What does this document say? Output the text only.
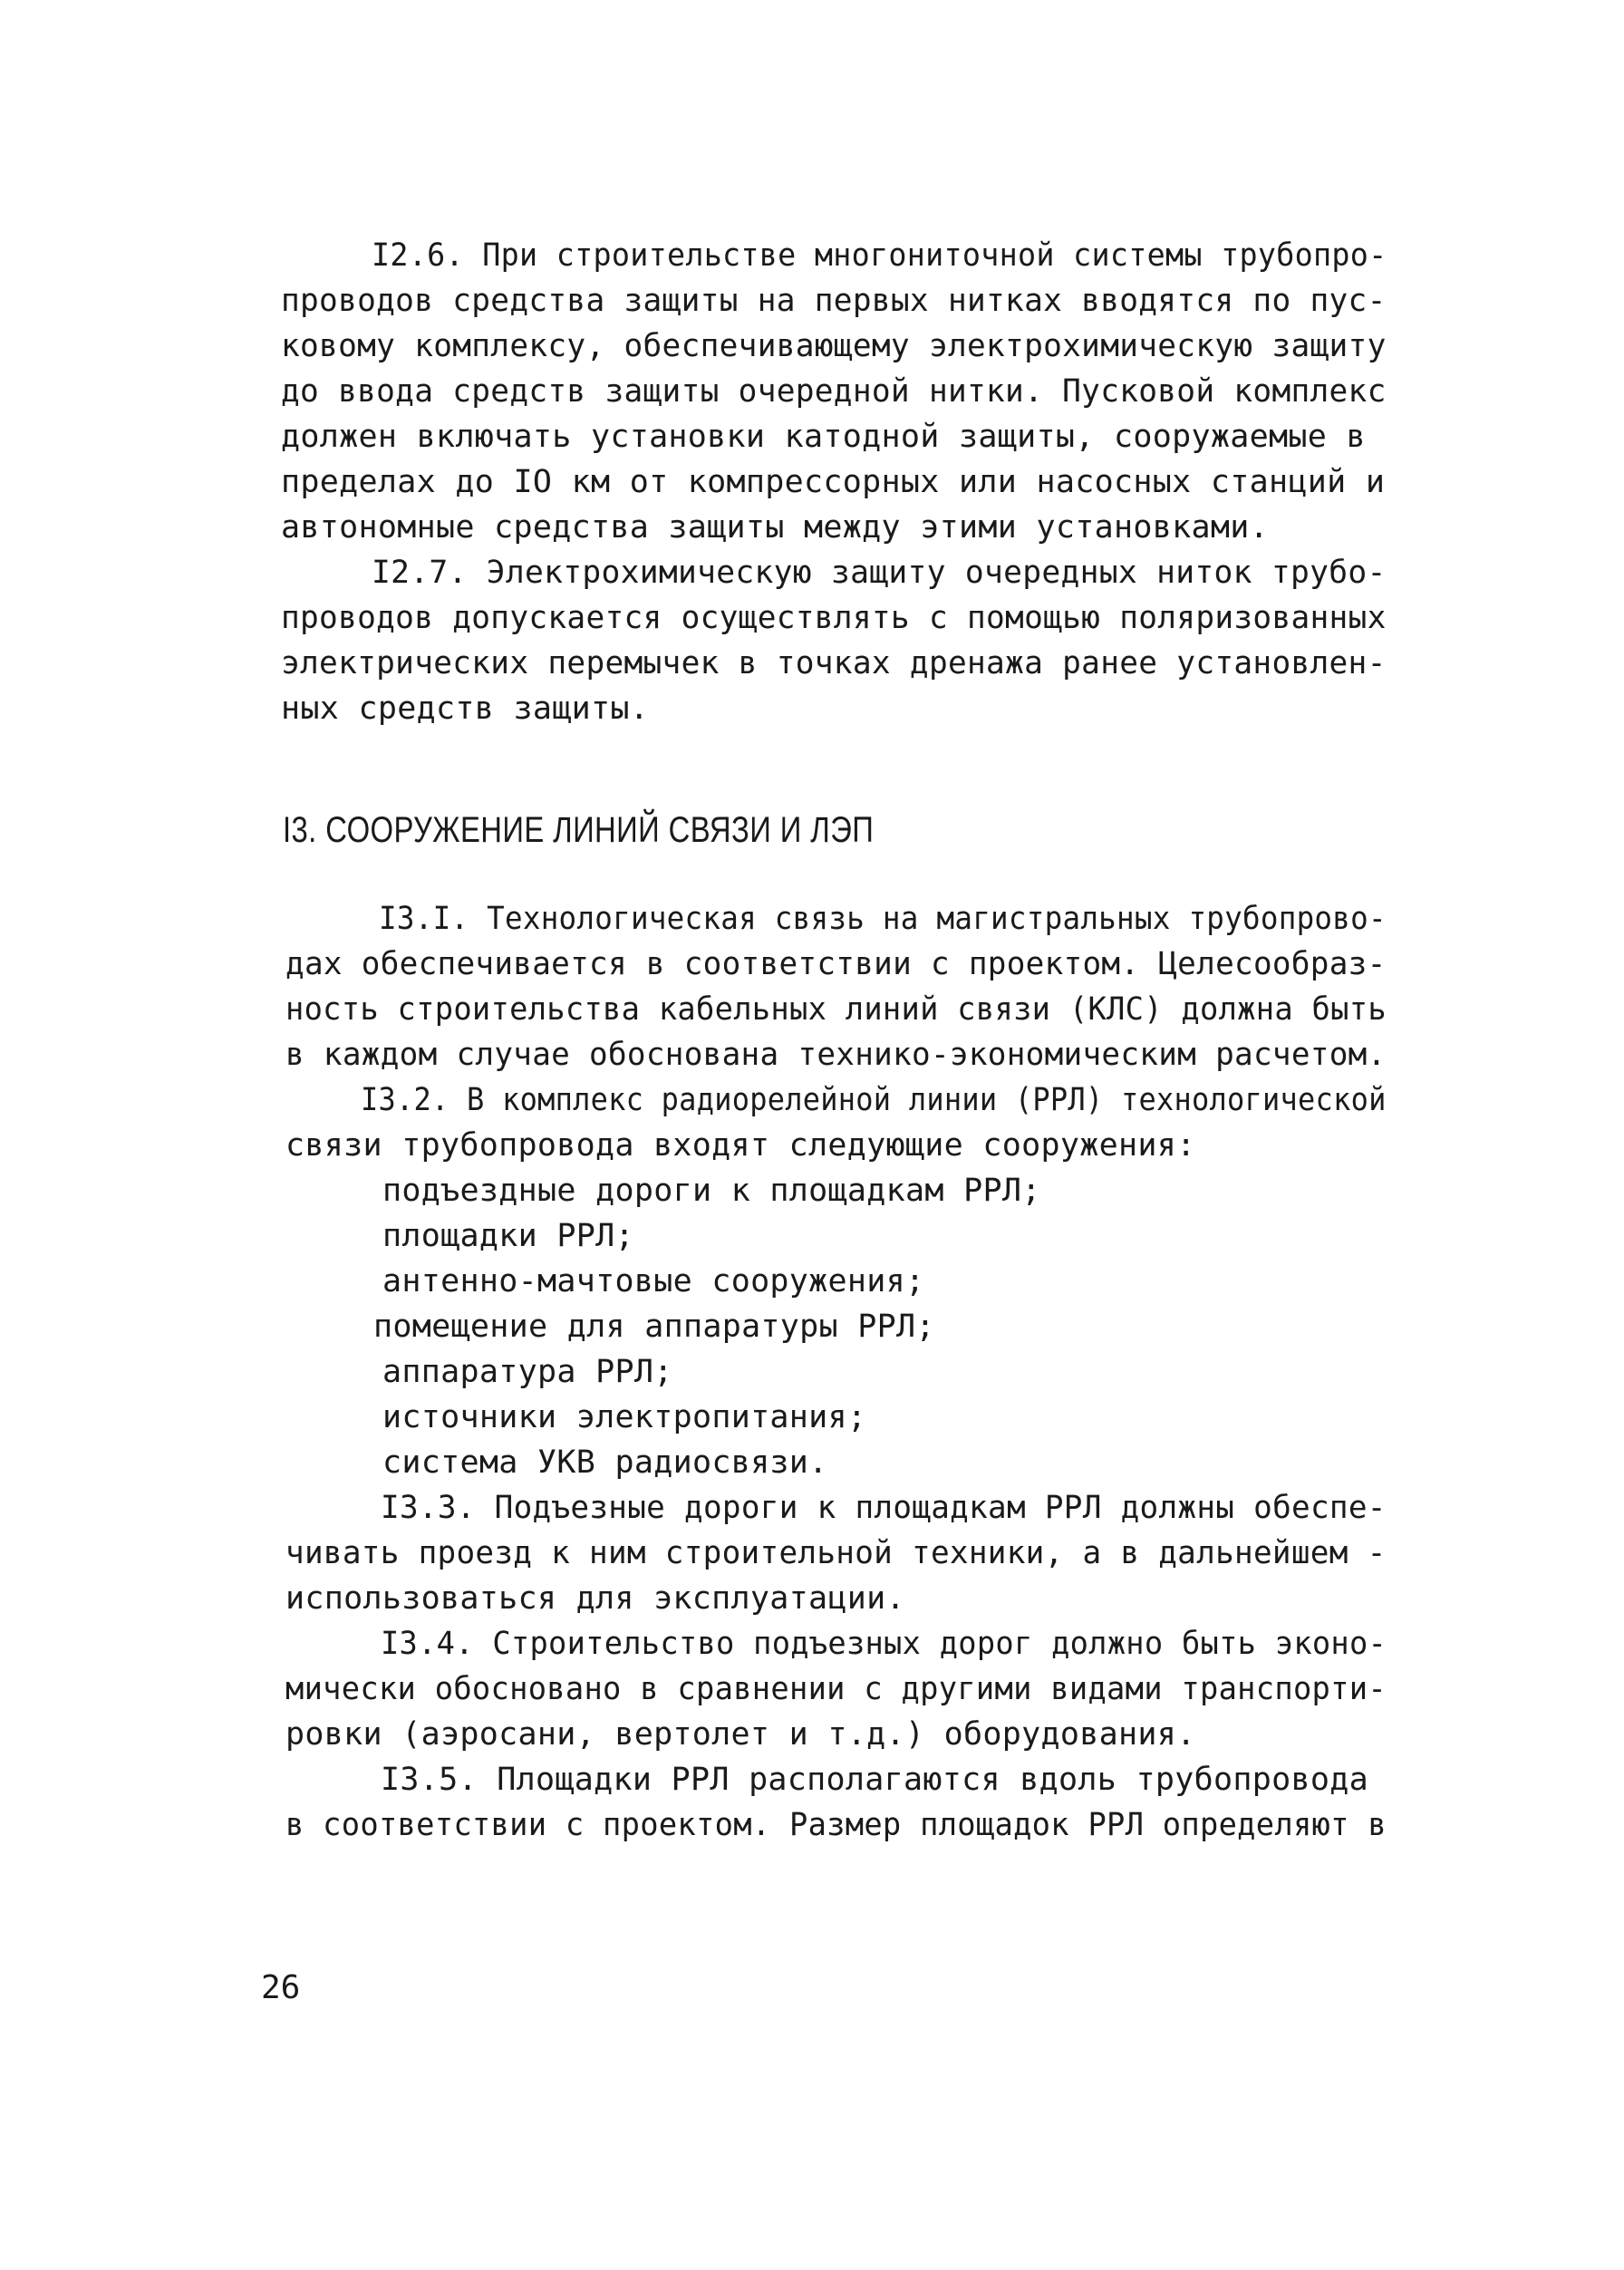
I2.6. При строительстве многониточной системы трубопро-
проводов средства защиты на первых нитках вводятся по пус-
ковому комплексу, обеспечивающему электрохимическую защиту
до ввода средств защиты очередной нитки. Пусковой комплекс
должен включать установки катодной защиты, сооружаемые в
пределах до IO км от компрессорных или насосных станций и
автономные средства защиты между этими установками.
I2.7. Электрохимическую защиту очередных ниток трубо-
проводов допускается осуществлять с помощью поляризованных
электрических перемычек в точках дренажа ранее установлен-
ных средств защиты.
I3. СООРУЖЕНИЕ ЛИНИЙ СВЯЗИ И ЛЭП
I3.I. Технологическая связь на магистральных трубопрово-
дах обеспечивается в соответствии с проектом. Целесообраз-
ность строительства кабельных линий связи (КЛС) должна быть
в каждом случае обоснована технико-экономическим расчетом.
I3.2. В комплекс радиорелейной линии (РРЛ) технологической
связи трубопровода входят следующие сооружения:
подъездные дороги к площадкам РРЛ;
площадки РРЛ;
антенно-мачтовые сооружения;
помещение для аппаратуры РРЛ;
аппаратура РРЛ;
источники электропитания;
система УКВ радиосвязи.
I3.3. Подъезные дороги к площадкам РРЛ должны обеспе-
чивать проезд к ним строительной техники, а в дальнейшем -
использоваться для эксплуатации.
I3.4. Строительство подъезных дорог должно быть эконо-
мически обосновано в сравнении с другими видами транспорти-
ровки (аэросани, вертолет и т.д.) оборудования.
I3.5. Площадки РРЛ располагаются вдоль трубопровода
в соответствии с проектом. Размер площадок РРЛ определяют в
26
